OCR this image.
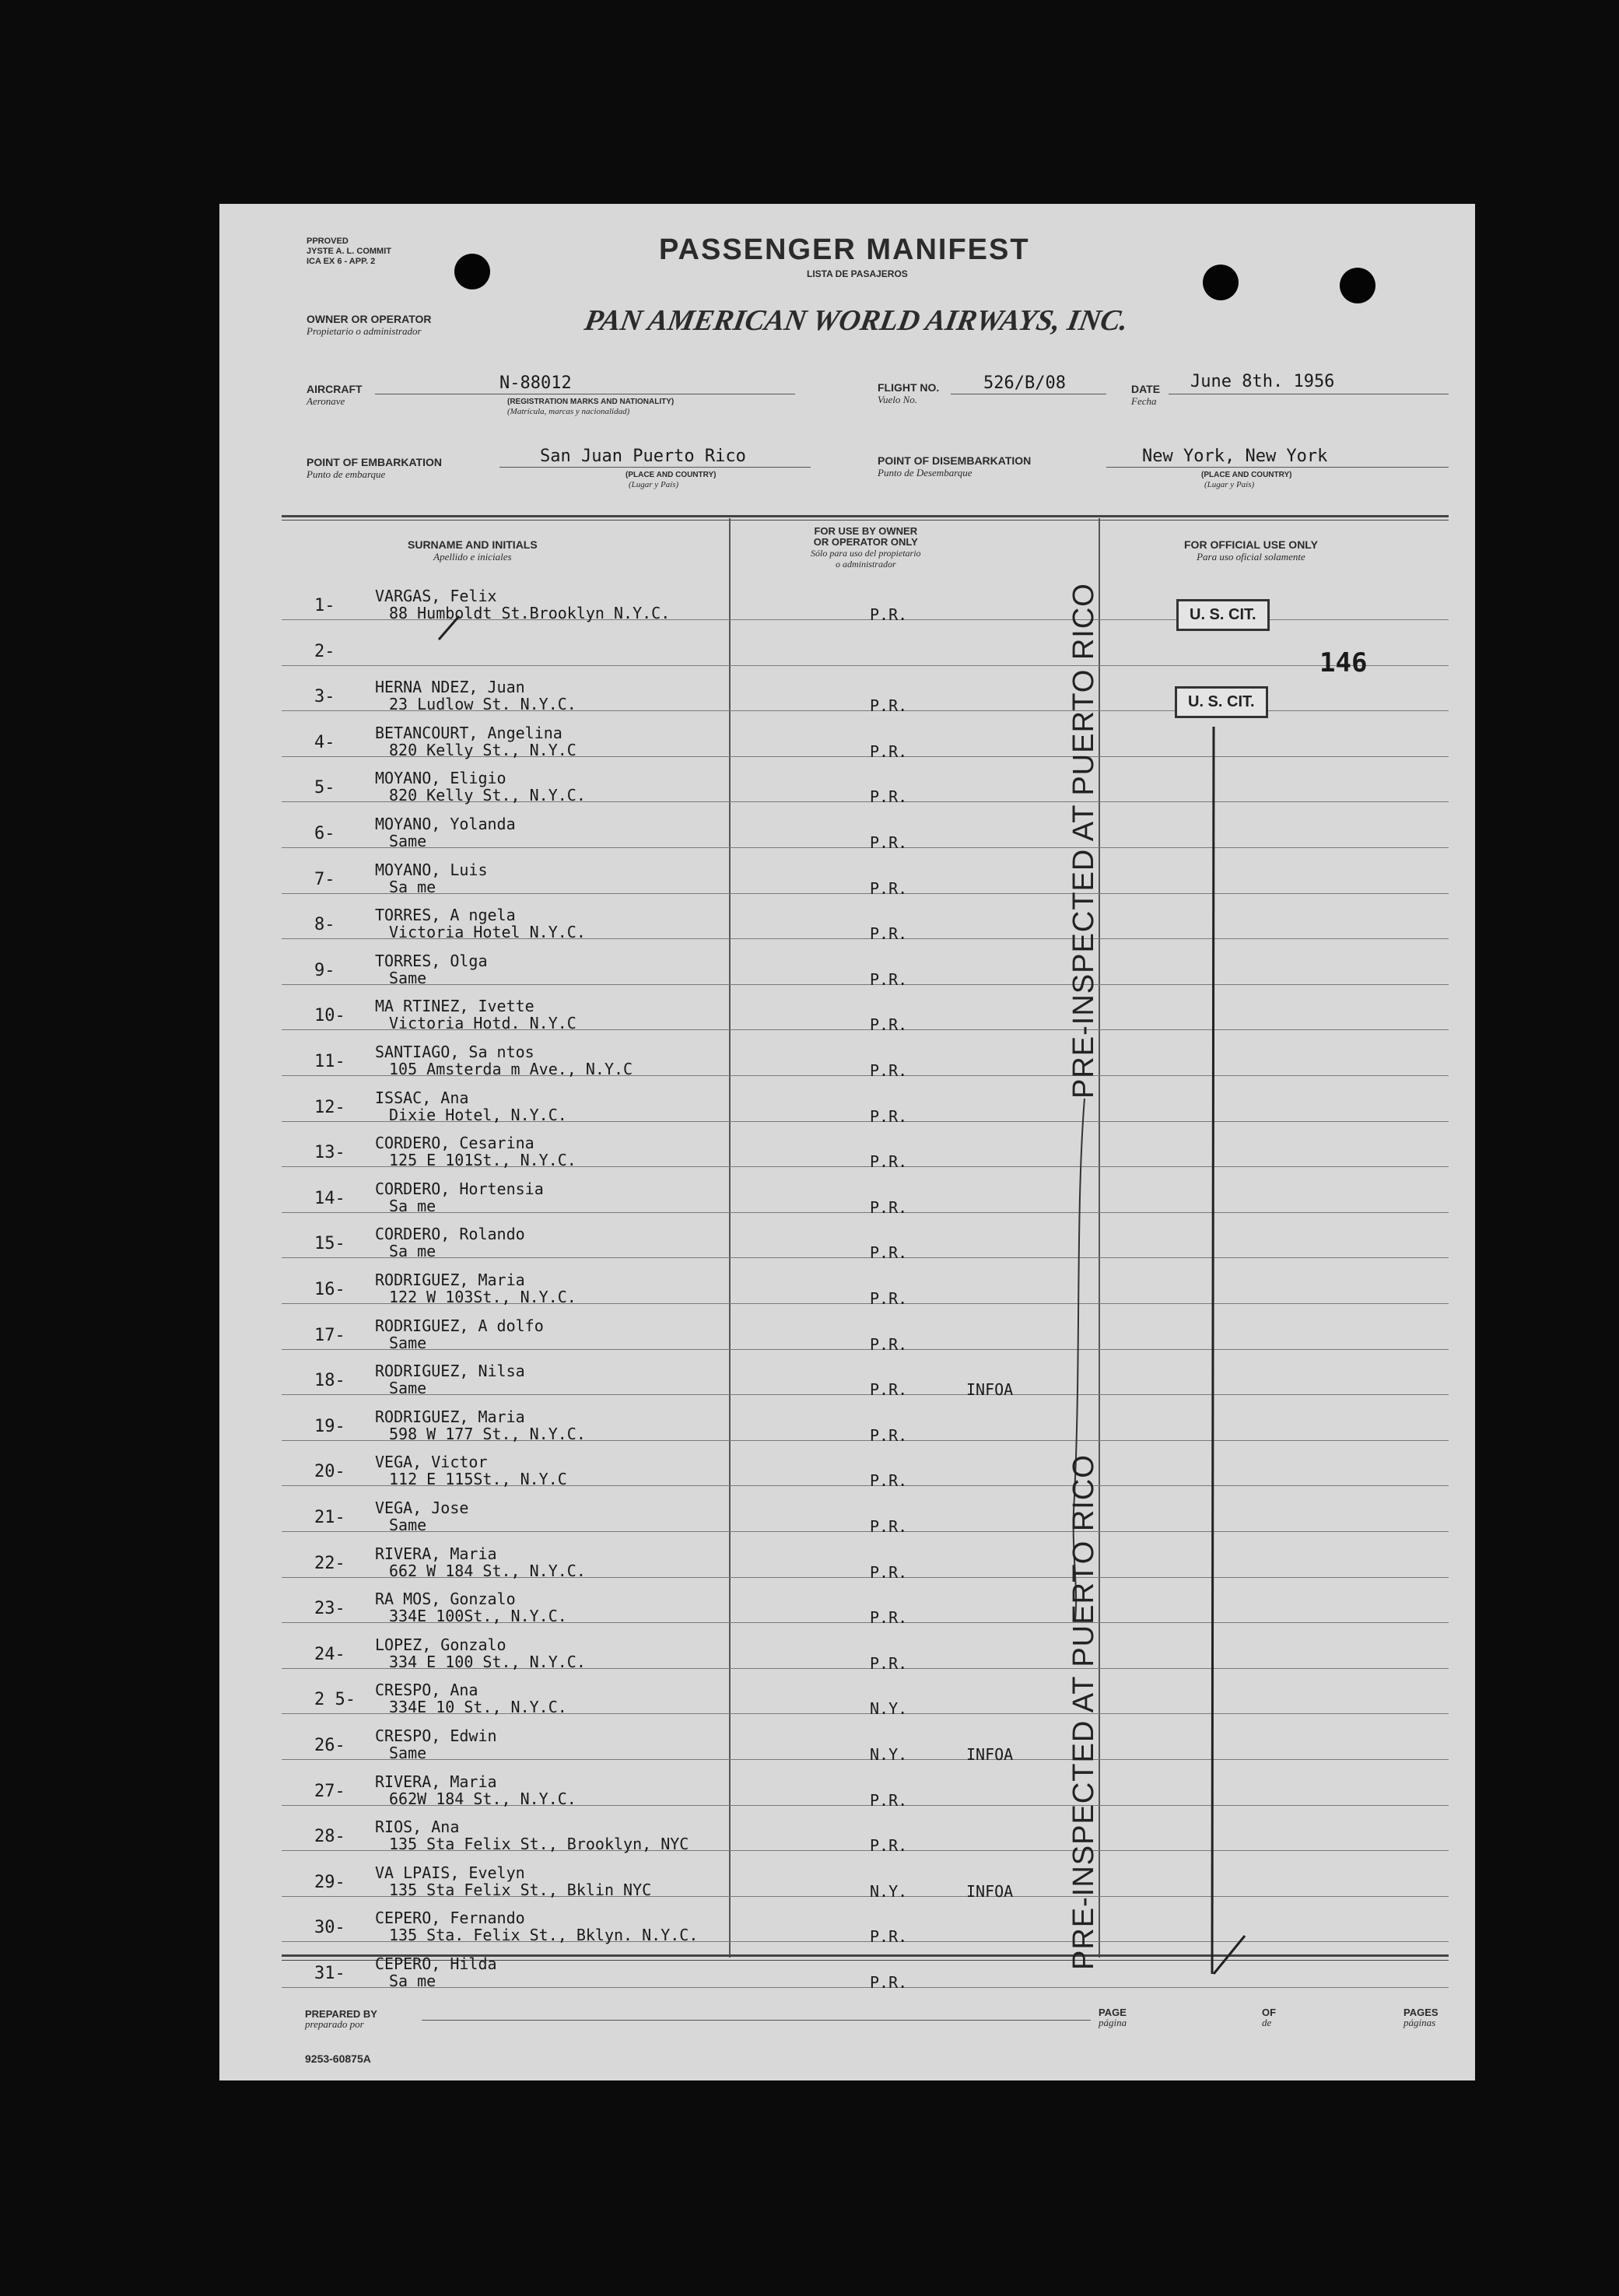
PPROVED
JYSTE A. L. COMMIT
ICA EX 6 - APP. 2	PASSENGER MANIFEST
LISTA DE PASAJEROS
OWNER OR OPERATOR
Propietario o administrador	PAN AMERICAN WORLD AIRWAYS, INC.
AIRCRAFT
Aeronave
N-88012
(REGISTRATION MARKS AND NATIONALITY)
(Matrícula, marcas y nacionalidad)
FLIGHT NO.
Vuelo No.
526/B/08	DATE
Fecha
June 8th. 1956
POINT OF EMBARKATION
Punto de embarque
San Juan Puerto Rico
(PLACE AND COUNTRY)
(Lugar y País)
POINT OF DISEMBARKATION
Punto de Desembarque
New York, New York
(PLACE AND COUNTRY)
(Lugar y País)
SURNAME AND INITIALS
Apellido e iniciales
FOR USE BY OWNER
OR OPERATOR ONLY
Sólo para uso del propietario
o administrador
FOR OFFICIAL USE ONLY
Para uso oficial solamente
1-	VARGAS, Felix
88 Humboldt St.Brooklyn N.Y.C.	P.R.
2-
3-	HERNA NDEZ, Juan
23 Ludlow St. N.Y.C.	P.R.
4-	BETANCOURT, Angelina
820 Kelly St., N.Y.C	P.R.
5-	MOYANO, Eligio
820 Kelly St., N.Y.C.	P.R.
6-	MOYANO, Yolanda
Same	P.R.
7-	MOYANO, Luis
Sa me	P.R.
8-	TORRES, A ngela
Victoria Hotel N.Y.C.	P.R.
9-	TORRES, Olga
Same	P.R.
10- MA RTINEZ, Ivette
Victoria Hotd. N.Y.C	P.R.
11- SANTIAGO, Sa ntos
105 Amsterda m Ave., N.Y.C	P.R.
12- ISSAC, Ana
Dixie Hotel, N.Y.C.	P.R.
13- CORDERO, Cesarina
125 E 101St., N.Y.C.	P.R.
14- CORDERO, Hortensia
Sa me	P.R.
15- CORDERO, Rolando
Sa me	P.R.
16- RODRIGUEZ, Maria
122 W 103St., N.Y.C.	P.R.
17- RODRIGUEZ, A dolfo
Same	P.R.
18- RODRIGUEZ, Nilsa
Same	P.R.	INFOA
19- RODRIGUEZ, Maria
598 W 177 St., N.Y.C.	P.R.
20- VEGA, Victor
112 E 115St., N.Y.C	P.R.
21- VEGA, Jose
Same	P.R.
22- RIVERA, Maria
662 W 184 St., N.Y.C.	P.R.
23- RA MOS, Gonzalo
334E 100St., N.Y.C.	P.R.
24- LOPEZ, Gonzalo
334 E 100 St., N.Y.C.	P.R.
2 5- CRESPO, Ana
334E 10 St., N.Y.C.	N.Y.
26- CRESPO, Edwin
Same	N.Y.	INFOA
27- RIVERA, Maria
662W 184 St., N.Y.C.	P.R.
28- RIOS, Ana
135 Sta Felix St., Brooklyn, NYC	P.R.
29- VA LPAIS, Evelyn
135 Sta Felix St., Bklin NYC	N.Y.	INFOA
30- CEPERO, Fernando
135 Sta. Felix St., Bklyn. N.Y.C.	P.R.
31- CEPERO, Hilda
Sa me	P.R.
U. S. CIT.
U. S. CIT.
146
PRE-INSPECTED AT PUERTO RICO
PRE-INSPECTED AT PUERTO RICO
PREPARED BY
preparado por
PAGE
página
OF
de
PAGES
páginas
9253-60875A
